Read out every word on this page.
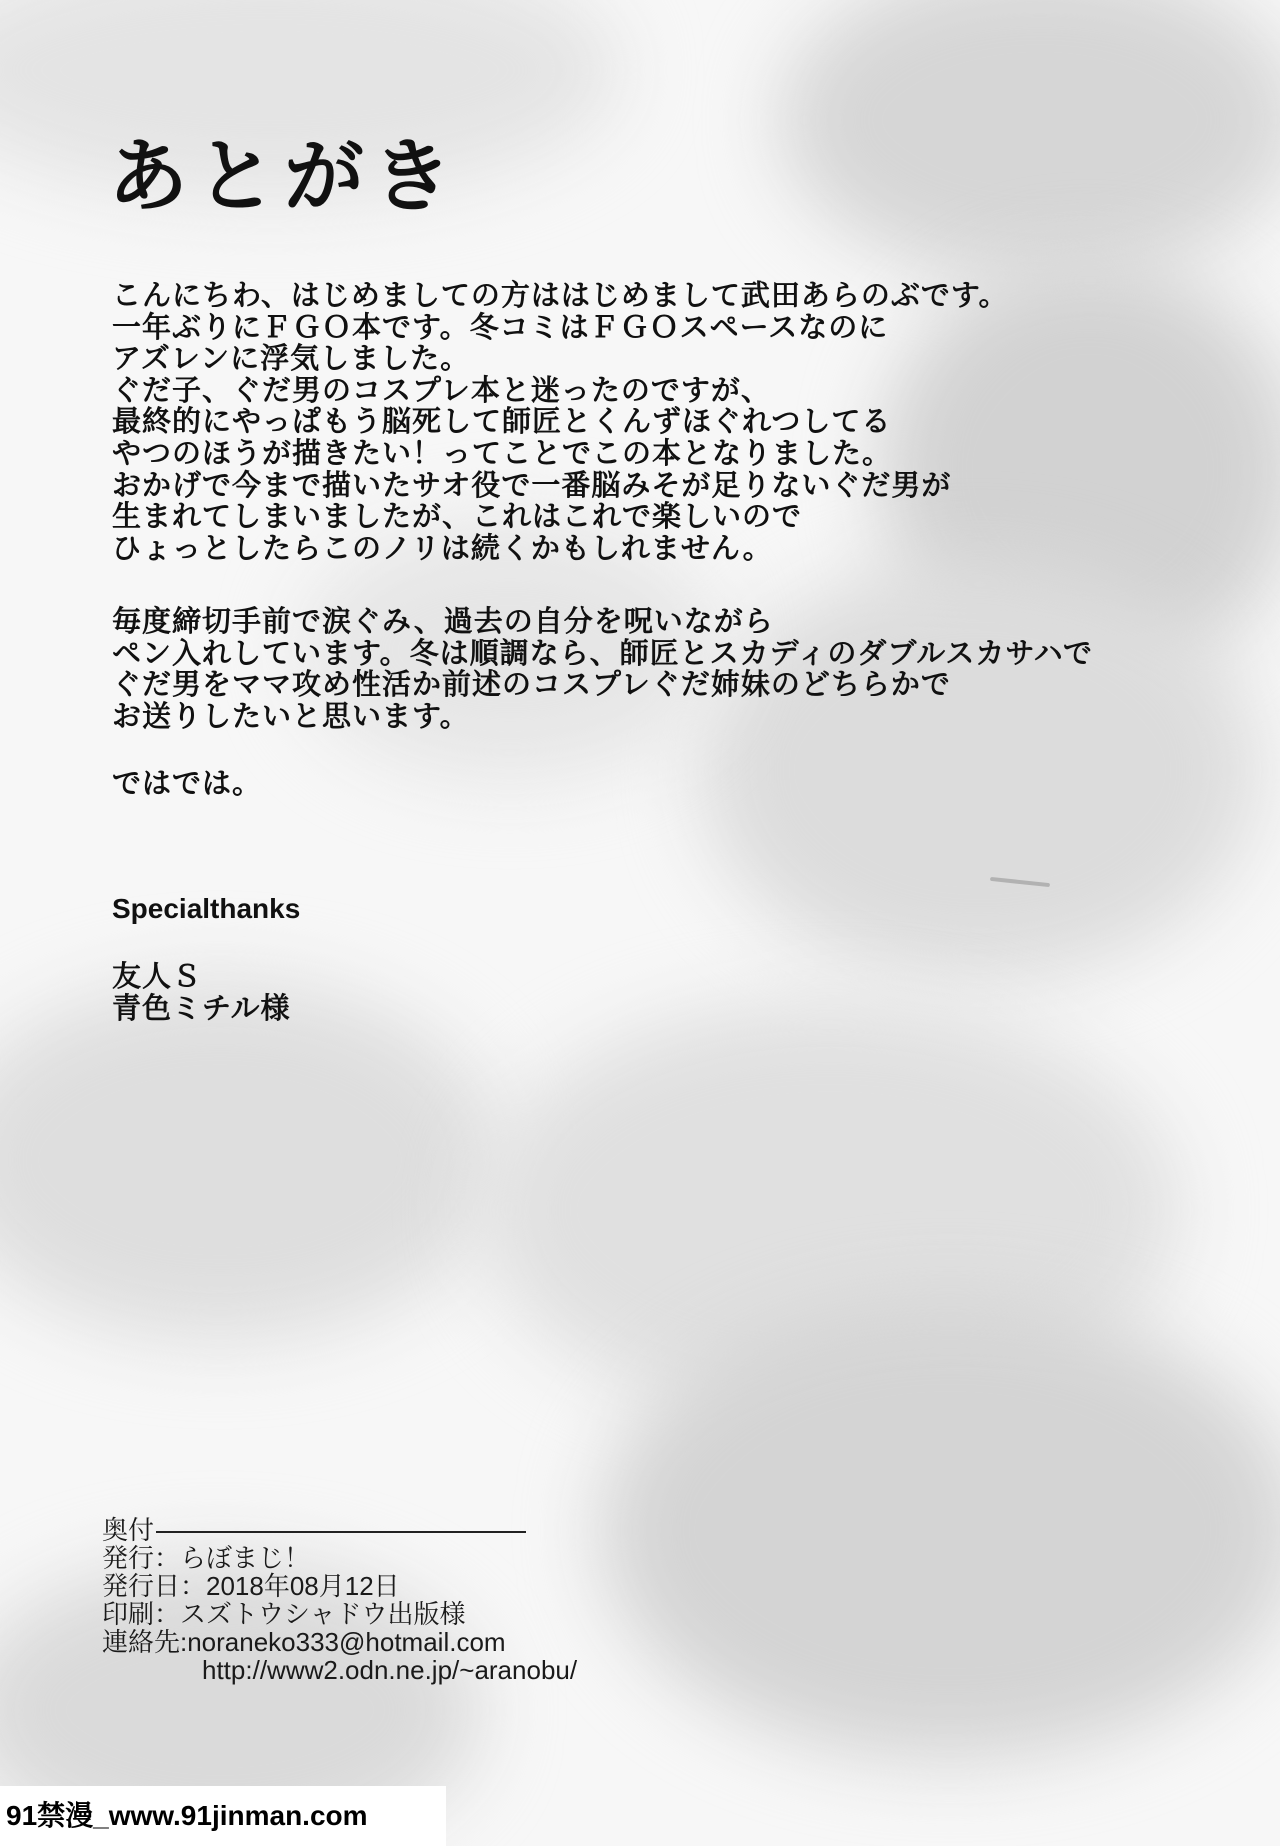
あとがき

こんにちわ、はじめましての方ははじめまして武田あらのぶです。
一年ぶりにＦＧＯ本です。冬コミはＦＧＯスペースなのに
アズレンに浮気しました。
ぐだ子、ぐだ男のコスプレ本と迷ったのですが、
最終的にやっぱもう脳死して師匠とくんずほぐれつしてる
やつのほうが描きたい！ってことでこの本となりました。
おかげで今まで描いたサオ役で一番脳みそが足りないぐだ男が
生まれてしまいましたが、これはこれで楽しいので
ひょっとしたらこのノリは続くかもしれません。

毎度締切手前で涙ぐみ、過去の自分を呪いながら
ペン入れしています。冬は順調なら、師匠とスカディのダブルスカサハで
ぐだ男をママ攻め性活か前述のコスプレぐだ姉妹のどちらかで
お送りしたいと思います。

ではでは。

Specialthanks

友人Ｓ
青色ミチル様

奥付
発行：らぼまじ！
発行日：2018年08月12日
印刷：スズトウシャドウ出版様
連絡先:noraneko333@hotmail.com
http://www2.odn.ne.jp/~aranobu/
91禁漫_www.91jinman.com
